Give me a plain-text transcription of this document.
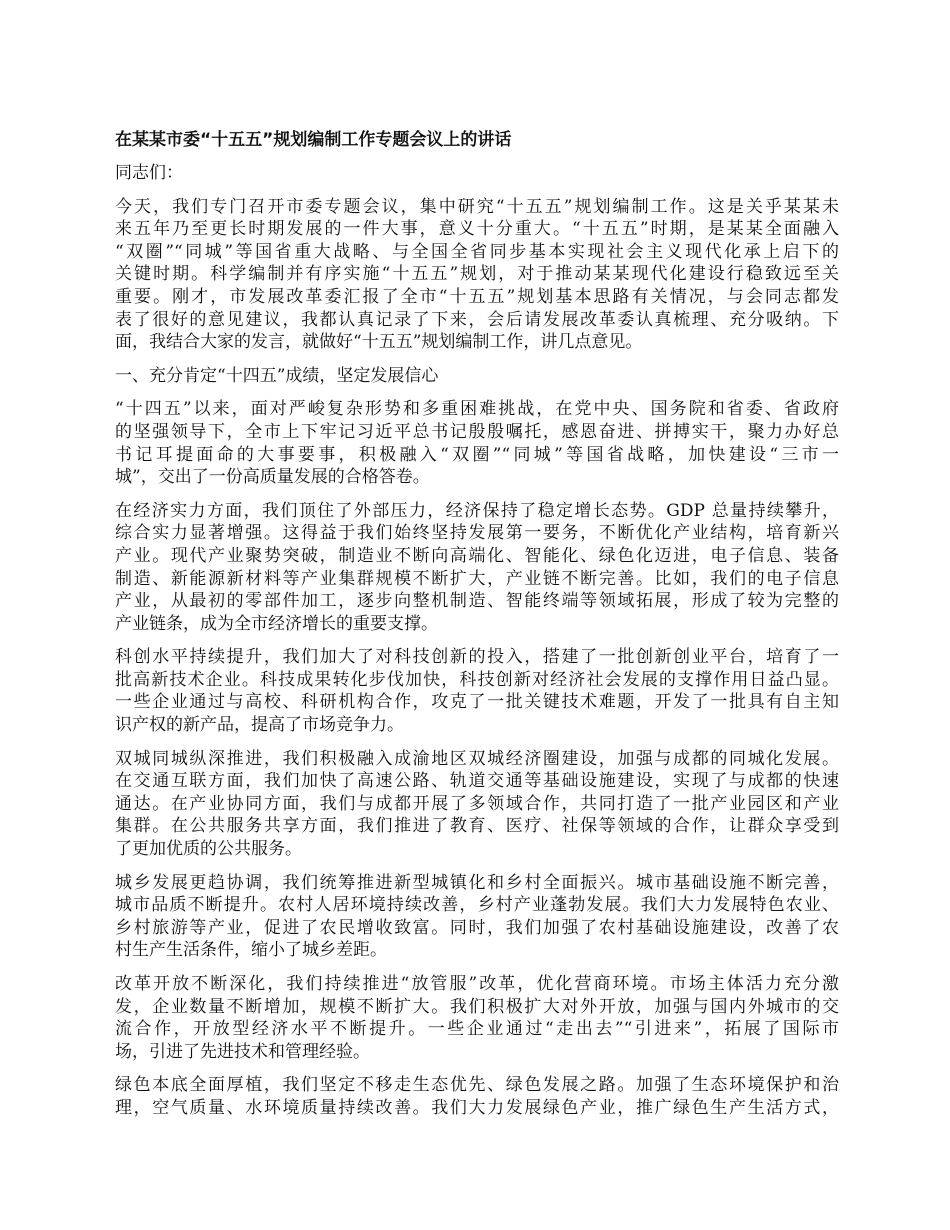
在某某市委“十五五”规划编制工作专题会议上的讲话
同志们：
今天，我们专门召开市委专题会议，集中研究“十五五”规划编制工作。这是关乎某某未
来五年乃至更长时期发展的一件大事，意义十分重大。“十五五”时期，是某某全面融入
“双圈”“同城”等国省重大战略、与全国全省同步基本实现社会主义现代化承上启下的
关键时期。科学编制并有序实施“十五五”规划，对于推动某某现代化建设行稳致远至关
重要。刚才，市发展改革委汇报了全市“十五五”规划基本思路有关情况，与会同志都发
表了很好的意见建议，我都认真记录了下来，会后请发展改革委认真梳理、充分吸纳。下
面，我结合大家的发言，就做好“十五五”规划编制工作，讲几点意见。
一、充分肯定“十四五”成绩，坚定发展信心
“十四五”以来，面对严峻复杂形势和多重困难挑战，在党中央、国务院和省委、省政府
的坚强领导下，全市上下牢记习近平总书记殷殷嘱托，感恩奋进、拼搏实干，聚力办好总
书记耳提面命的大事要事，积极融入“双圈”“同城”等国省战略，加快建设“三市一
城”，交出了一份高质量发展的合格答卷。
在经济实力方面，我们顶住了外部压力，经济保持了稳定增长态势。GDP 总量持续攀升，
综合实力显著增强。这得益于我们始终坚持发展第一要务，不断优化产业结构，培育新兴
产业。现代产业聚势突破，制造业不断向高端化、智能化、绿色化迈进，电子信息、装备
制造、新能源新材料等产业集群规模不断扩大，产业链不断完善。比如，我们的电子信息
产业，从最初的零部件加工，逐步向整机制造、智能终端等领域拓展，形成了较为完整的
产业链条，成为全市经济增长的重要支撑。
科创水平持续提升，我们加大了对科技创新的投入，搭建了一批创新创业平台，培育了一
批高新技术企业。科技成果转化步伐加快，科技创新对经济社会发展的支撑作用日益凸显。
一些企业通过与高校、科研机构合作，攻克了一批关键技术难题，开发了一批具有自主知
识产权的新产品，提高了市场竞争力。
双城同城纵深推进，我们积极融入成渝地区双城经济圈建设，加强与成都的同城化发展。
在交通互联方面，我们加快了高速公路、轨道交通等基础设施建设，实现了与成都的快速
通达。在产业协同方面，我们与成都开展了多领域合作，共同打造了一批产业园区和产业
集群。在公共服务共享方面，我们推进了教育、医疗、社保等领域的合作，让群众享受到
了更加优质的公共服务。
城乡发展更趋协调，我们统筹推进新型城镇化和乡村全面振兴。城市基础设施不断完善，
城市品质不断提升。农村人居环境持续改善，乡村产业蓬勃发展。我们大力发展特色农业、
乡村旅游等产业，促进了农民增收致富。同时，我们加强了农村基础设施建设，改善了农
村生产生活条件，缩小了城乡差距。
改革开放不断深化，我们持续推进“放管服”改革，优化营商环境。市场主体活力充分激
发，企业数量不断增加，规模不断扩大。我们积极扩大对外开放，加强与国内外城市的交
流合作，开放型经济水平不断提升。一些企业通过“走出去”“引进来”，拓展了国际市
场，引进了先进技术和管理经验。
绿色本底全面厚植，我们坚定不移走生态优先、绿色发展之路。加强了生态环境保护和治
理，空气质量、水环境质量持续改善。我们大力发展绿色产业，推广绿色生产生活方式，
